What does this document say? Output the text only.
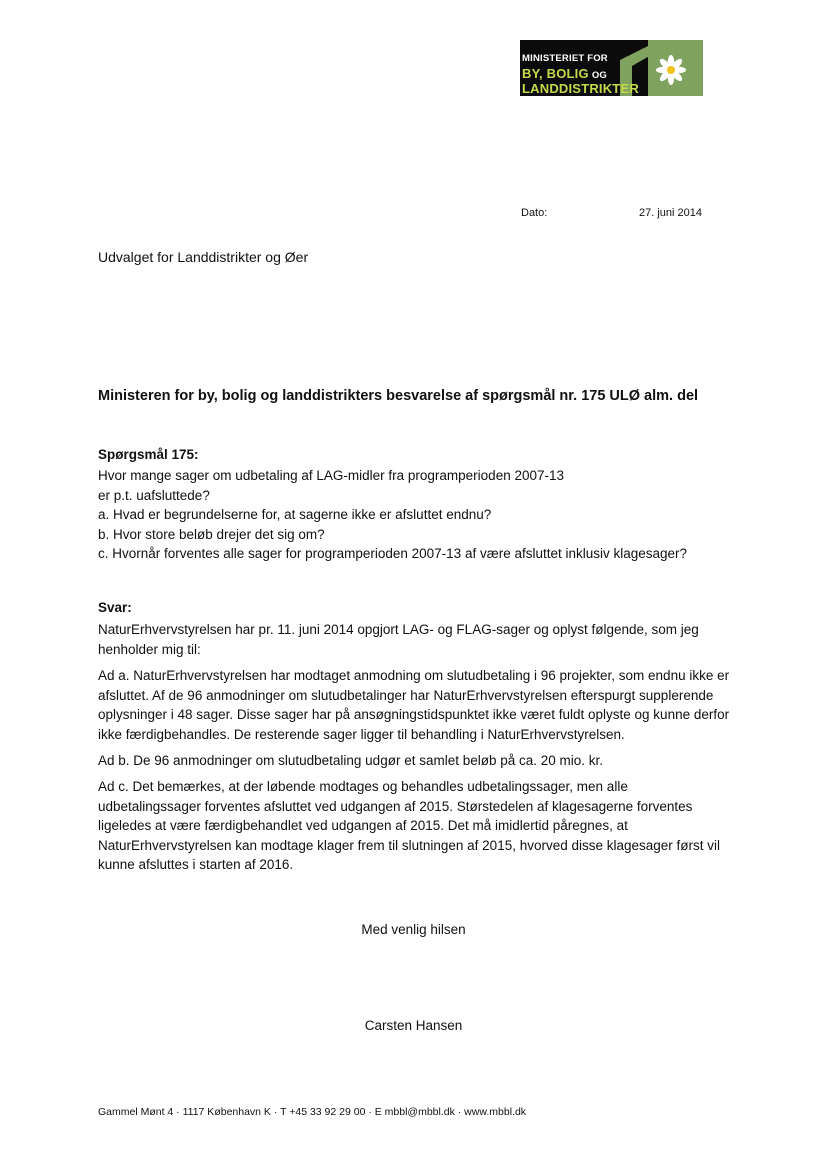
MINISTERIET FOR
BY, BOLIG OG
LANDDISTRIKTER
Dato:	27. juni 2014
Udvalget for Landdistrikter og Øer
Ministeren for by, bolig og landdistrikters besvarelse af spørgsmål nr. 175 ULØ alm. del
Spørgsmål 175:
Hvor mange sager om udbetaling af LAG-midler fra programperioden 2007-13
er p.t. uafsluttede?
a. Hvad er begrundelserne for, at sagerne ikke er afsluttet endnu?
b. Hvor store beløb drejer det sig om?
c. Hvornår forventes alle sager for programperioden 2007-13 af være afsluttet inklusiv klagesager?
Svar:

NaturErhvervstyrelsen har pr. 11. juni 2014 opgjort LAG- og FLAG-sager og oplyst følgende, som jeg henholder mig til:

Ad a. NaturErhvervstyrelsen har modtaget anmodning om slutudbetaling i 96 projekter, som endnu ikke er afsluttet. Af de 96 anmodninger om slutudbetalinger har NaturErhvervstyrelsen efterspurgt supplerende oplysninger i 48 sager. Disse sager har på ansøgningstidspunktet ikke været fuldt oplyste og kunne derfor ikke færdigbehandles. De resterende sager ligger til behandling i NaturErhvervstyrelsen.

Ad b. De 96 anmodninger om slutudbetaling udgør et samlet beløb på ca. 20 mio. kr.

Ad c. Det bemærkes, at der løbende modtages og behandles udbetalingssager, men alle udbetalingssager forventes afsluttet ved udgangen af 2015. Størstedelen af klagesagerne forventes ligeledes at være færdigbehandlet ved udgangen af 2015. Det må imidlertid påregnes, at NaturErhvervstyrelsen kan modtage klager frem til slutningen af 2015, hvorved disse klagesager først vil kunne afsluttes i starten af 2016.

Med venlig hilsen
Carsten Hansen
Gammel Mønt 4 · 1117 København K · T +45 33 92 29 00 · E mbbl@mbbl.dk · www.mbbl.dk
